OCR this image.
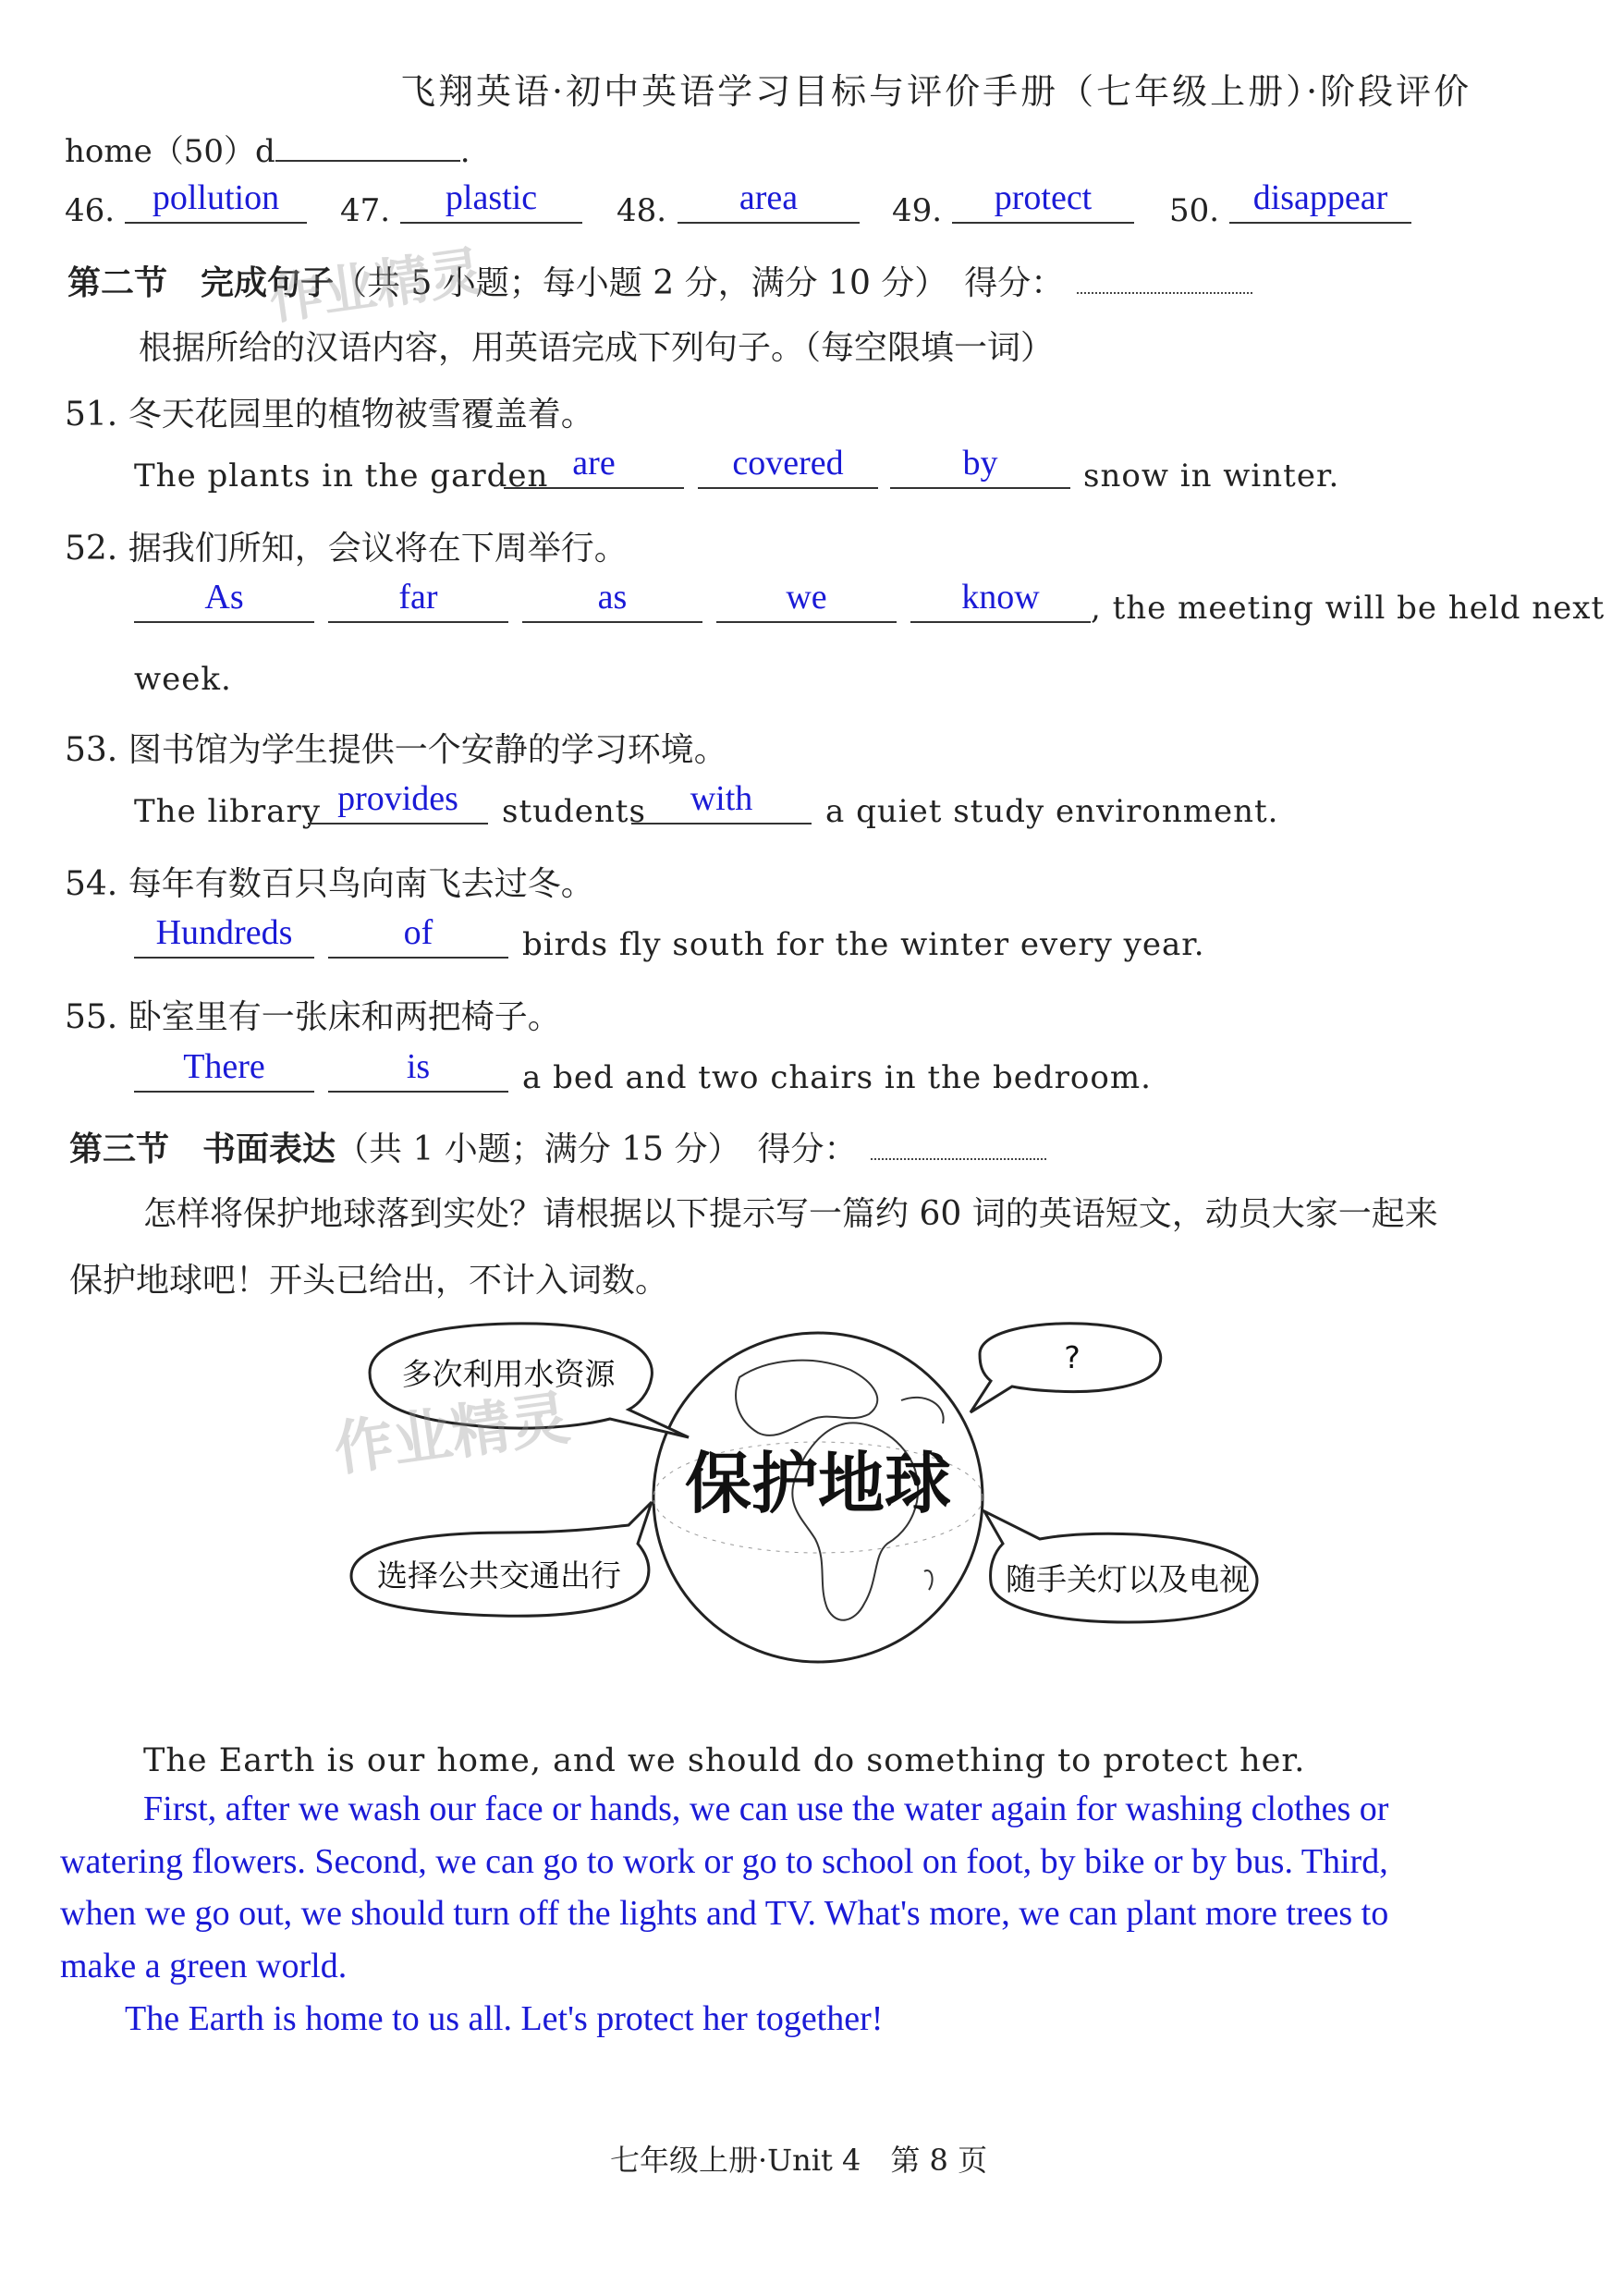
飞翔英语·初中英语学习目标与评价手册（七年级上册）·阶段评价
home（50）d	.
46.	pollution	47.	plastic	48.	area	49.	protect	50. disappear
第二节　完成句子（共 5 小题；每小题 2 分，满分 10 分）　得分：
根据所给的汉语内容，用英语完成下列句子。（每空限填一词）
51. 冬天花园里的植物被雪覆盖着。
The plants in the garden are	covered	by	snow in winter.
52. 据我们所知，会议将在下周举行。
As	far	as	we	know	, the meeting will be held next
week.
53. 图书馆为学生提供一个安静的学习环境。
The library provides	students	with	a quiet study environment.
54. 每年有数百只鸟向南飞去过冬。
Hundreds	of	birds fly south for the winter every year.
55. 卧室里有一张床和两把椅子。
There	is	a bed and two chairs in the bedroom.
第三节　书面表达（共 1 小题；满分 15 分）　得分：
怎样将保护地球落到实处？请根据以下提示写一篇约 60 词的英语短文，动员大家一起来
保护地球吧！开头已给出，不计入词数。
保护地球
多次利用水资源	?
选择公共交通出行	随手关灯以及电视
作业精灵
作业精灵
The Earth is our home, and we should do something to protect her.
First, after we wash our face or hands, we can use the water again for washing clothes or
watering flowers. Second, we can go to work or go to school on foot, by bike or by bus. Third,
when we go out, we should turn off the lights and TV. What's more, we can plant more trees to
make a green world.
The Earth is home to us all. Let's protect her together!
七年级上册·Unit 4　第 8 页
